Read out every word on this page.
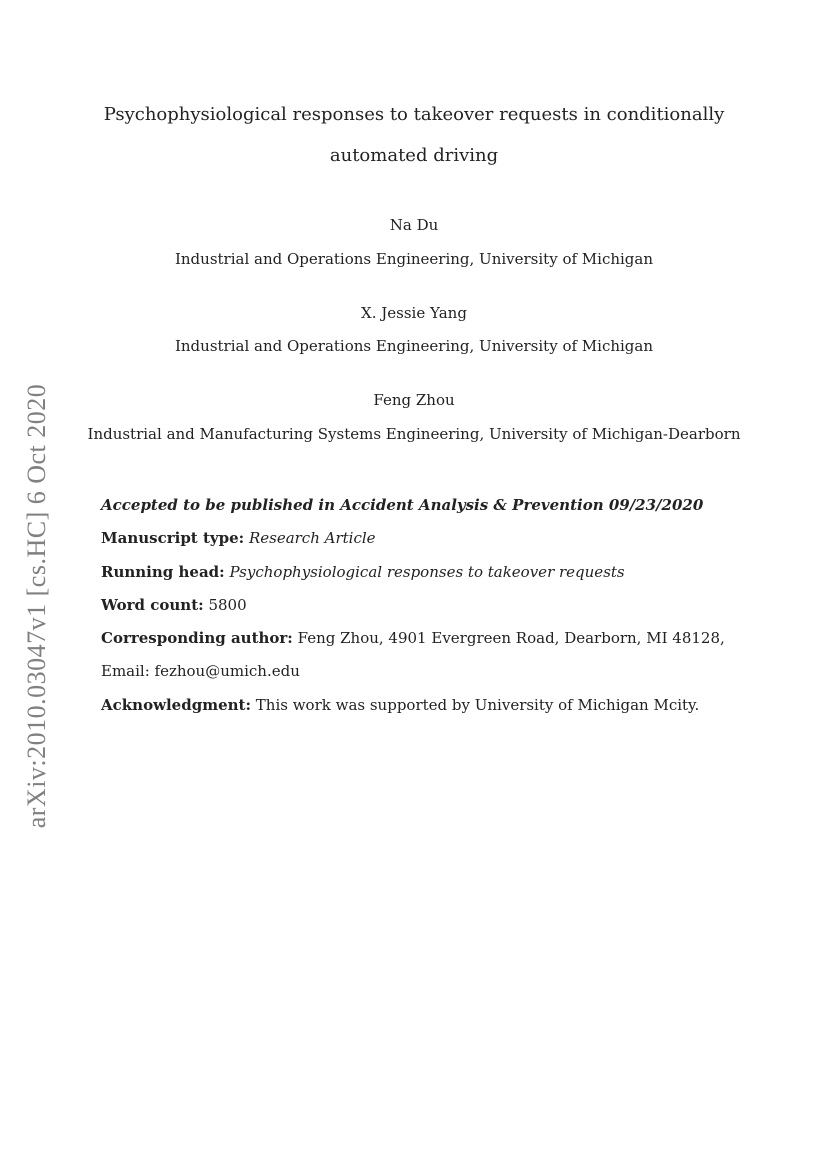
arXiv:2010.03047v1 [cs.HC] 6 Oct 2020
Psychophysiological responses to takeover requests in conditionally
automated driving
Na Du
Industrial and Operations Engineering, University of Michigan
X. Jessie Yang
Industrial and Operations Engineering, University of Michigan
Feng Zhou
Industrial and Manufacturing Systems Engineering, University of Michigan-Dearborn
Accepted to be published in Accident Analysis & Prevention 09/23/2020
Manuscript type: Research Article
Running head: Psychophysiological responses to takeover requests
Word count: 5800
Corresponding author: Feng Zhou, 4901 Evergreen Road, Dearborn, MI 48128,
Email: fezhou@umich.edu
Acknowledgment: This work was supported by University of Michigan Mcity.
